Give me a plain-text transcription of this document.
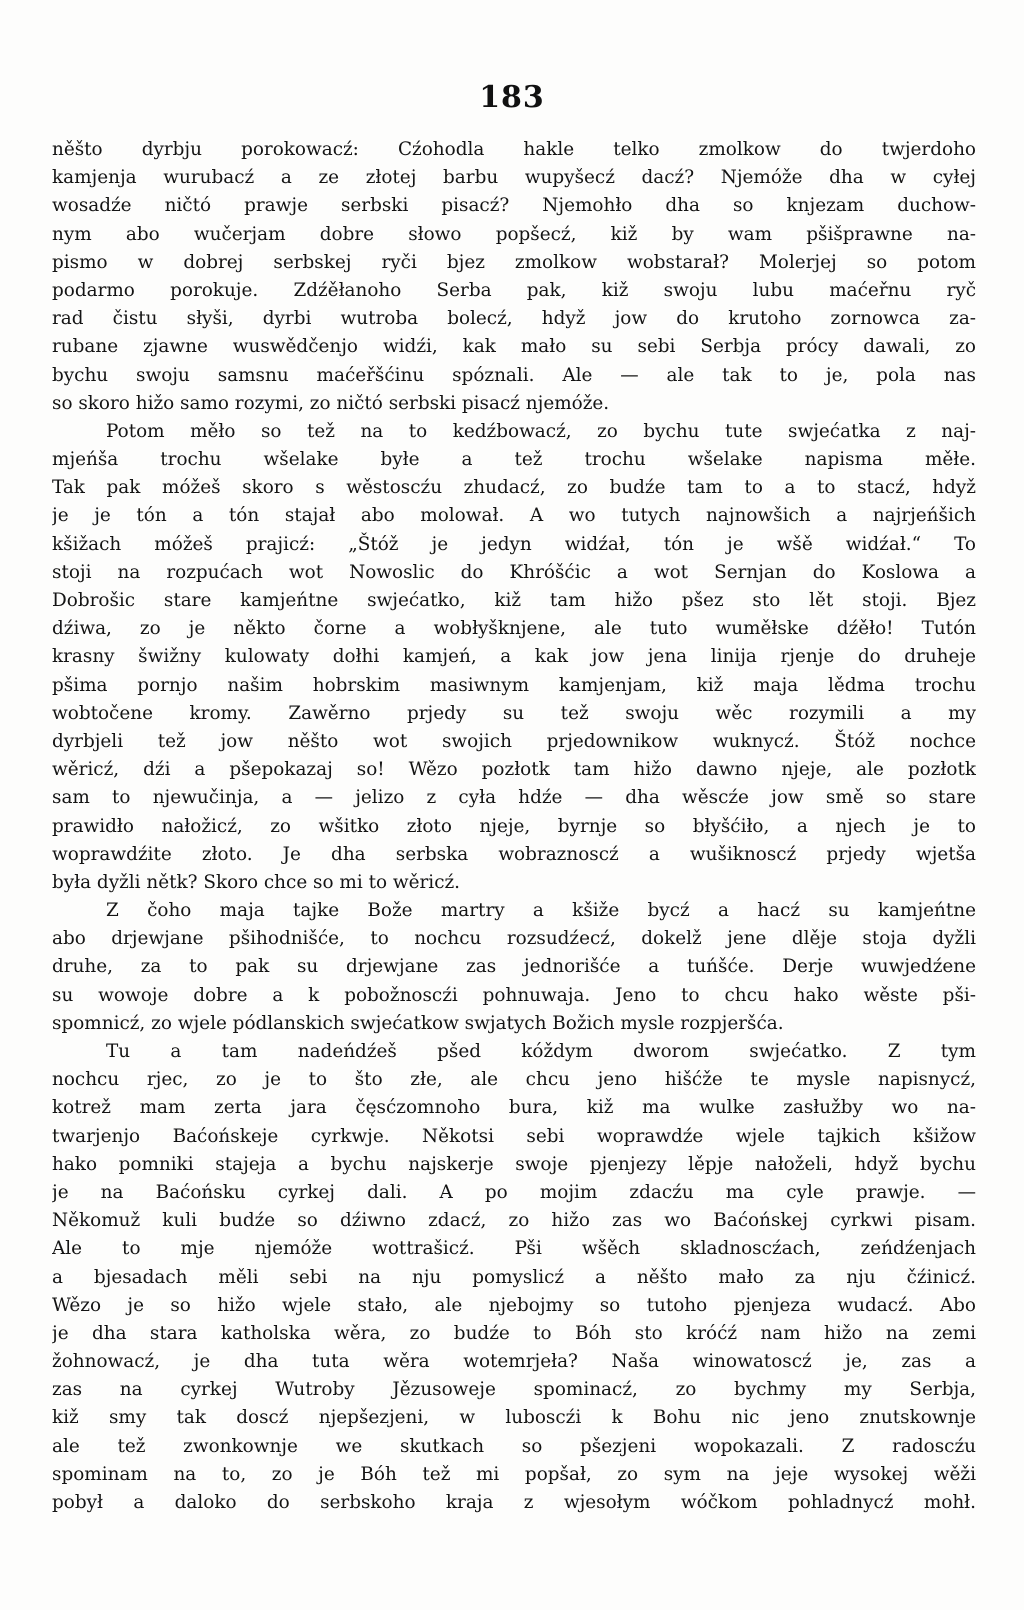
183
něšto dyrbju porokowacź: Cźohodla hakle telko zmolkow do twjerdoho
kamjenja wurubacź a ze złotej barbu wupyšecź dacź? Njemóže dha w cyłej
wosadźe ničtó prawje serbski pisacź? Njemohło dha so knjezam duchow-
nym abo wučerjam dobre słowo popšecź, kiž by wam pšišprawne na-
pismo w dobrej serbskej ryči bjez zmolkow wobstarał? Molerjej so potom
podarmo porokuje. Zdźěłanoho Serba pak, kiž swoju lubu maćeřnu ryč
rad čistu słyši, dyrbi wutroba bolecź, hdyž jow do krutoho zornowca za-
rubane zjawne wuswědčenjo widźi, kak mało su sebi Serbja prócy dawali, zo
bychu swoju samsnu maćeřšćinu spóznali. Ale — ale tak to je, pola nas
so skoro hižo samo rozymi, zo ničtó serbski pisacź njemóže.
Potom měło so tež na to kedźbowacź, zo bychu tute swjećatka z naj-
mjeńša trochu wšelake byłe a tež trochu wšelake napisma měłe.
Tak pak móžeš skoro s wěstoscźu zhudacź, zo budźe tam to a to stacź, hdyž
je je tón a tón stajał abo molował. A wo tutych najnowšich a najrjeńšich
kšižach móžeš prajicź: „Štóž je jedyn widźał, tón je wšě widźał.“ To
stoji na rozpućach wot Nowoslic do Khróšćic a wot Sernjan do Koslowa a
Dobrošic stare kamjeńtne swjećatko, kiž tam hižo pšez sto lět stoji. Bjez
dźiwa, zo je někto čorne a wobłyšknjene, ale tuto wuměłske dźěło! Tutón
krasny šwižny kulowaty dołhi kamjeń, a kak jow jena linija rjenje do druheje
pšima pornjo našim hobrskim masiwnym kamjenjam, kiž maja lědma trochu
wobtočene kromy. Zawěrno prjedy su tež swoju wěc rozymili a my
dyrbjeli tež jow něšto wot swojich prjedownikow wuknycź. Štóž nochce
wěricź, dźi a pšepokazaj so! Wězo pozłotk tam hižo dawno njeje, ale pozłotk
sam to njewučinja, a — jelizo z cyła hdźe — dha wěscźe jow smě so stare
prawidło nałožicź, zo wšitko złoto njeje, byrnje so błyšćiło, a njech je to
woprawdźite złoto. Je dha serbska wobraznoscź a wušiknoscź prjedy wjetša
była dyžli nětk? Skoro chce so mi to wěricź.
Z čoho maja tajke Bože martry a kšiže bycź a hacź su kamjeńtne
abo drjewjane pšihodnišće, to nochcu rozsudźecź, dokelž jene dlěje stoja dyžli
druhe, za to pak su drjewjane zas jednorišće a tuńšće. Derje wuwjedźene
su wowoje dobre a k pobožnoscźi pohnuwaja. Jeno to chcu hako wěste pši-
spomnicź, zo wjele pódlanskich swjećatkow swjatych Božich mysle rozpjeršća.
Tu a tam nadeńdźeš pšed kóždym dworom swjećatko. Z tym
nochcu rjec, zo je to što złe, ale chcu jeno hišćže te mysle napisnycź,
kotrež mam zerta jara čęsćzomnoho bura, kiž ma wulke zasłužby wo na-
twarjenjo Baćońskeje cyrkwje. Někotsi sebi woprawdźe wjele tajkich kšižow
hako pomniki stajeja a bychu najskerje swoje pjenjezy lěpje nałoželi, hdyž bychu
je na Baćońsku cyrkej dali. A po mojim zdacźu ma cyle prawje. —
Někomuž kuli budźe so dźiwno zdacź, zo hižo zas wo Baćońskej cyrkwi pisam.
Ale to mje njemóže wottrašicź. Pši wšěch skladnoscźach, zeńdźenjach
a bjesadach měli sebi na nju pomyslicź a něšto mało za nju čźinicź.
Wězo je so hižo wjele stało, ale njebojmy so tutoho pjenjeza wudacź. Abo
je dha stara katholska wěra, zo budźe to Bóh sto króćź nam hižo na zemi
žohnowacź, je dha tuta wěra wotemrjeła? Naša winowatoscź je, zas a
zas na cyrkej Wutroby Jězusoweje spominacź, zo bychmy my Serbja,
kiž smy tak doscź njepšezjeni, w luboscźi k Bohu nic jeno znutskownje
ale tež zwonkownje we skutkach so pšezjeni wopokazali. Z radoscźu
spominam na to, zo je Bóh tež mi popšał, zo sym na jeje wysokej wěži
pobył a daloko do serbskoho kraja z wjesołym wóčkom pohladnycź mohł.
